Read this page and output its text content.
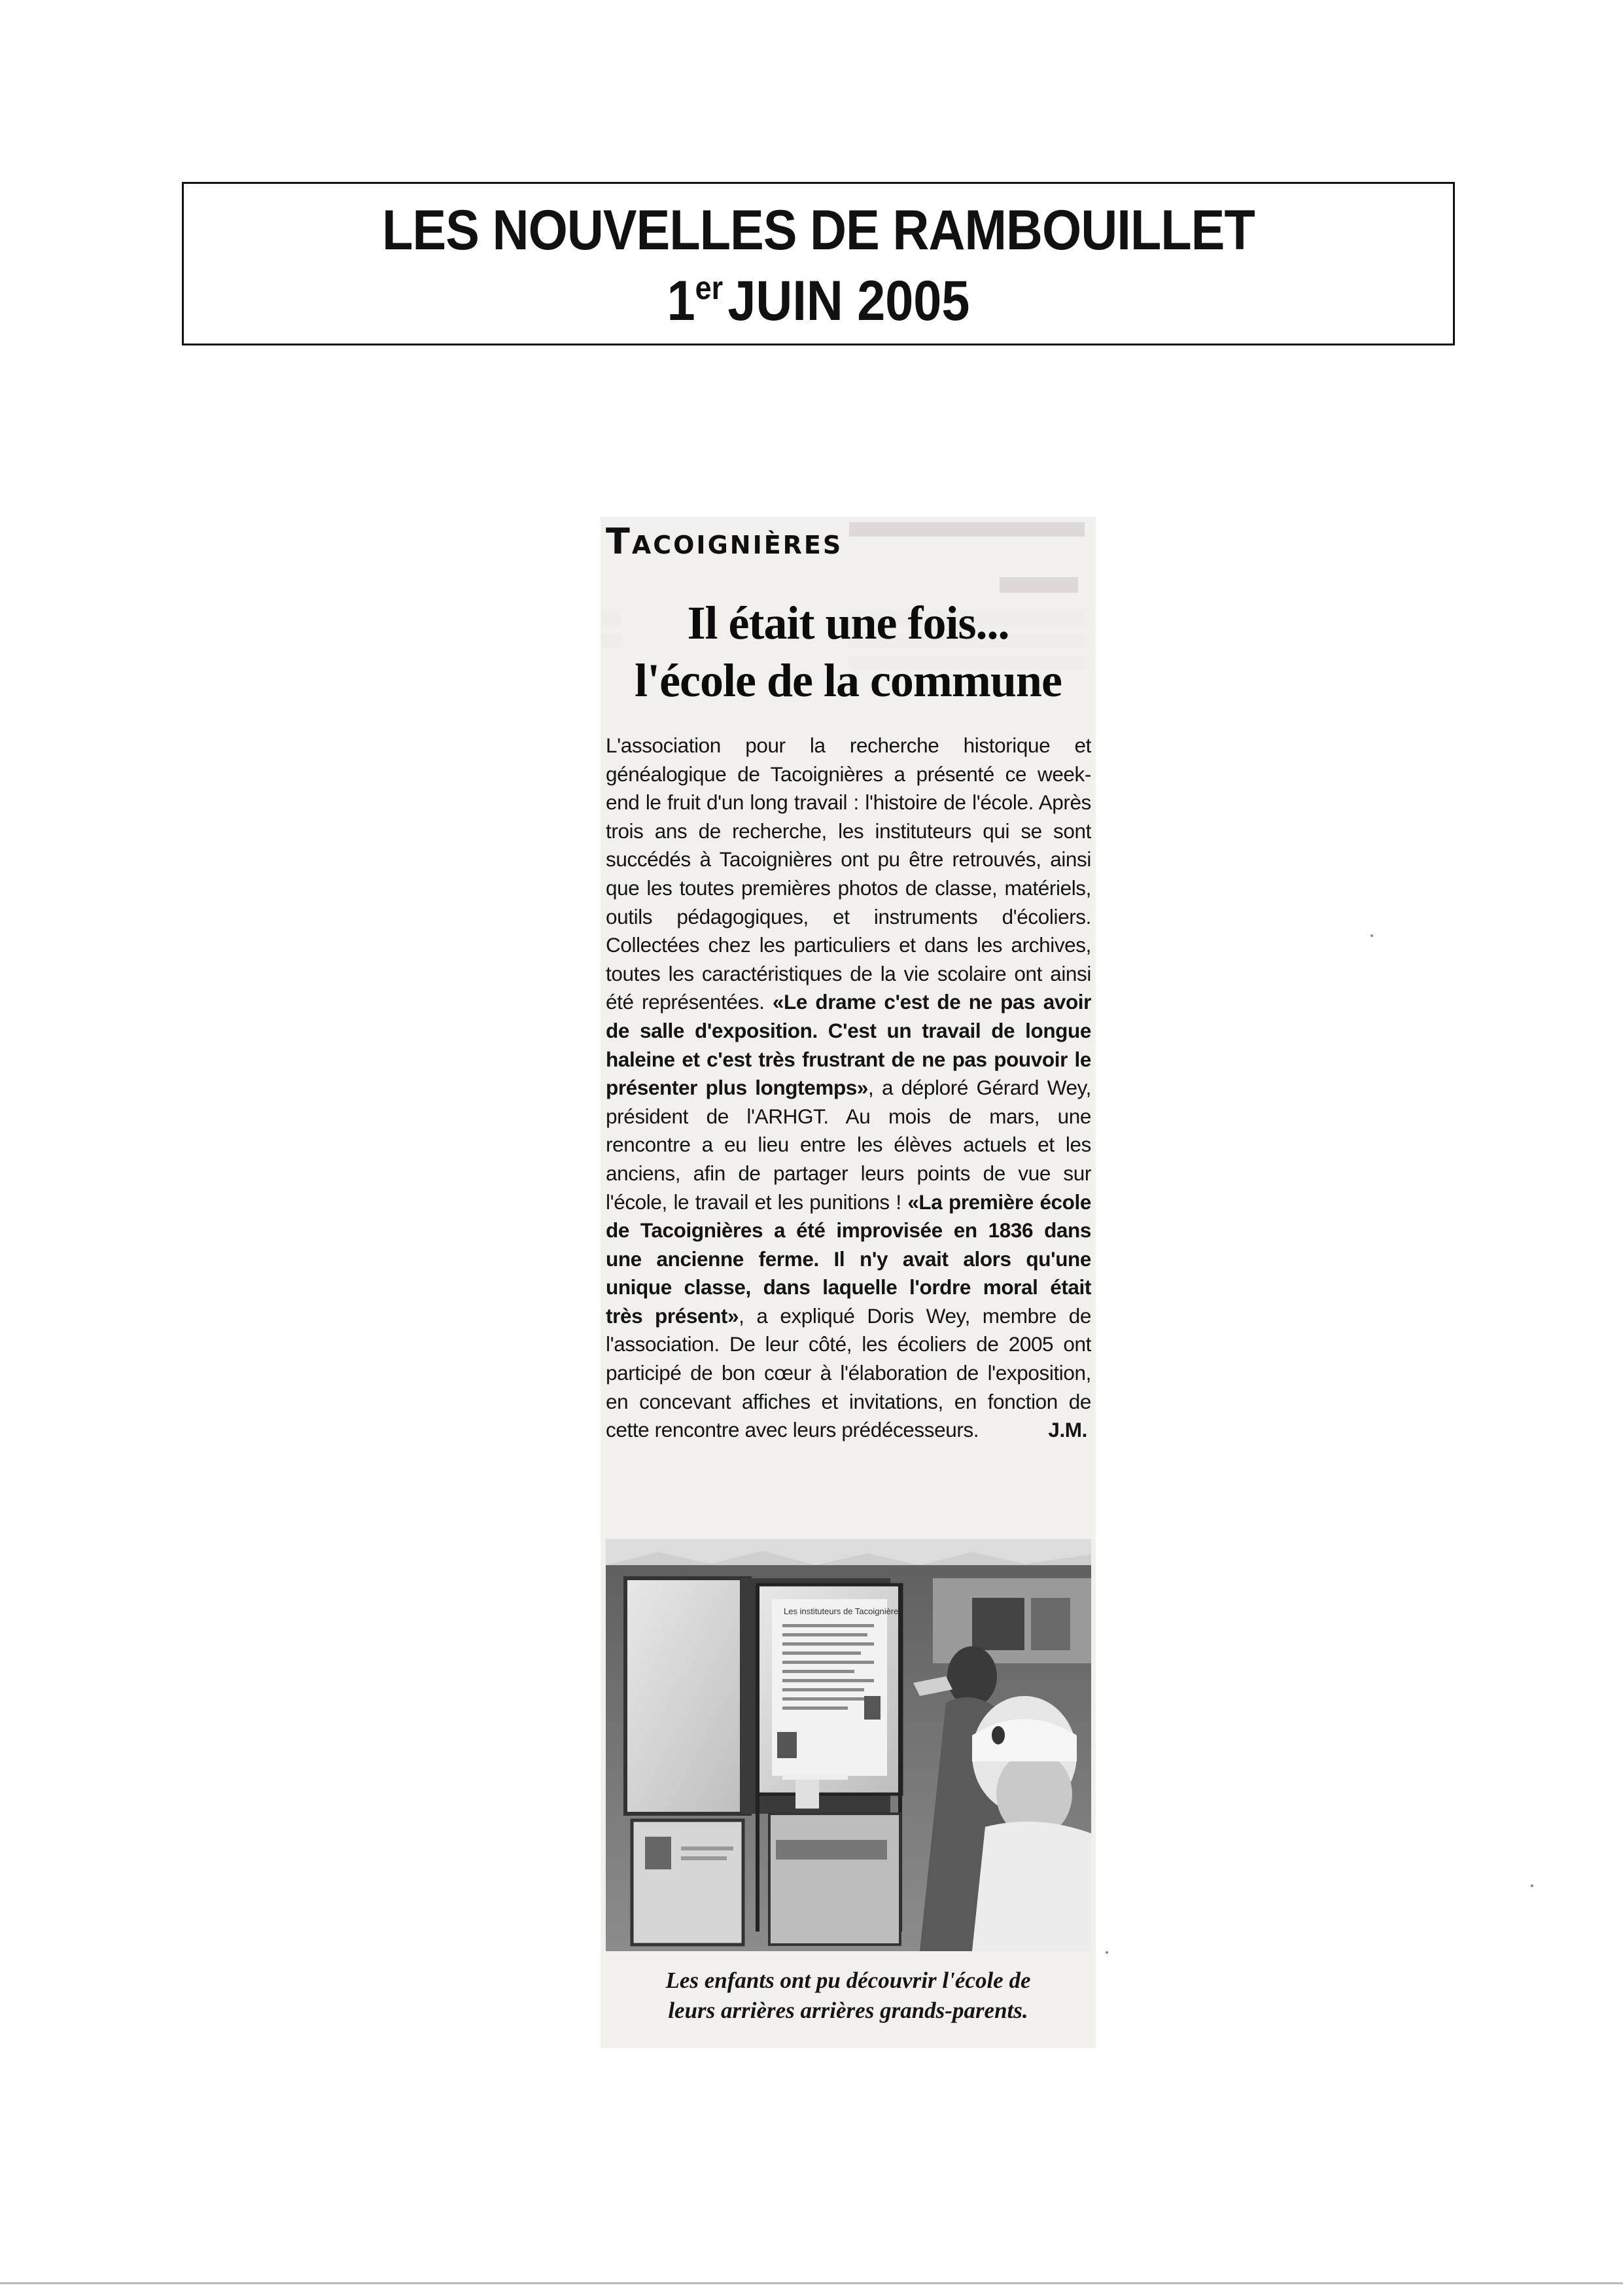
LES NOUVELLES DE RAMBOUILLET
1erJUIN 2005
Tacoignières
Il était une fois...
l'école de la commune
L'association pour la recherche historique et généalogique de Tacoignières a présenté ce week-end le fruit d'un long travail : l'histoire de l'école. Après trois ans de recherche, les instituteurs qui se sont succédés à Tacoignières ont pu être retrouvés, ainsi que les toutes premières photos de classe, matériels, outils pédagogiques, et instruments d'écoliers. Collectées chez les particuliers et dans les archives, toutes les caractéristiques de la vie scolaire ont ainsi été représentées. «Le drame c'est de ne pas avoir de salle d'exposition. C'est un travail de longue haleine et c'est très frustrant de ne pas pouvoir le présenter plus longtemps», a déploré Gérard Wey, président de l'ARHGT. Au mois de mars, une rencontre a eu lieu entre les élèves actuels et les anciens, afin de partager leurs points de vue sur l'école, le travail et les punitions ! «La première école de Tacoignières a été improvisée en 1836 dans une ancienne ferme. Il n'y avait alors qu'une unique classe, dans laquelle l'ordre moral était très présent», a expliqué Doris Wey, membre de l'association. De leur côté, les écoliers de 2005 ont participé de bon cœur à l'élaboration de l'exposition, en concevant affiches et invitations, en fonction de cette rencontre avec leurs prédécesseurs.	J.M.
Les instituteurs de Tacoignières
Les enfants ont pu découvrir l'école de
leurs arrières arrières grands-parents.
